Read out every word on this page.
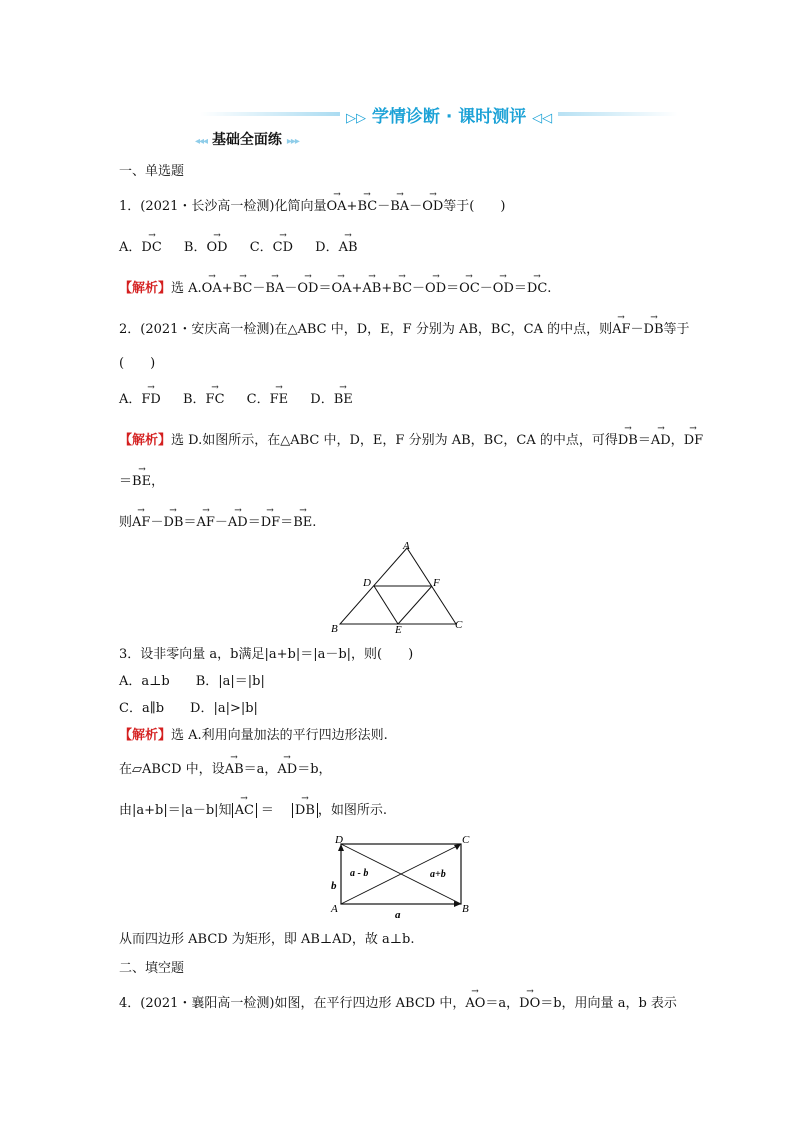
▷▷ 学情诊断 · 课时测评 ◁◁
◂◂◂ 基础全面练 ▸▸▸
一、单选题
1．(2021・长沙高一检测)化简向量→ OA+→ BC－→ BA－→ OD等于(　　)
A．→ DC B．→ OD C．→ CD D．→ AB
【解析】选 A.→ OA+→ BC－→ BA－→ OD＝→ OA+→ AB+→ BC－→ OD＝→ OC－→ OD＝→ DC.
2．(2021・安庆高一检测)在△ABC 中，D，E，F 分别为 AB，BC，CA 的中点，则→ AF－→ DB等于
(　　)
A．→ FD B．→ FC C．→ FE D．→ BE
【解析】选 D.如图所示，在△ABC 中，D，E，F 分别为 AB，BC，CA 的中点，可得→ DB＝→ AD，→ DF
＝→ BE，
则→ AF－→ DB＝→ AF－→ AD＝→ DF＝→ BE.
A
B	C
D
E
F
3．设非零向量 a，b满足|a+b|＝|a－b|，则(　　)
A．a⊥b B．|a|＝|b|
C．a∥b D．|a|>|b|
【解析】选 A.利用向量加法的平行四边形法则.
在▱ABCD 中，设→ AB＝a，→ AD＝b，
由|a+b|＝|a－b|知 → AC ＝ → DB ，如图所示.
D	C
A	B
a - b	a+b
a
b
从而四边形 ABCD 为矩形，即 AB⊥AD，故 a⊥b.
二、填空题
4．(2021・襄阳高一检测)如图，在平行四边形 ABCD 中，→ AO＝a，→ DO＝b，用向量 a，b 表示
